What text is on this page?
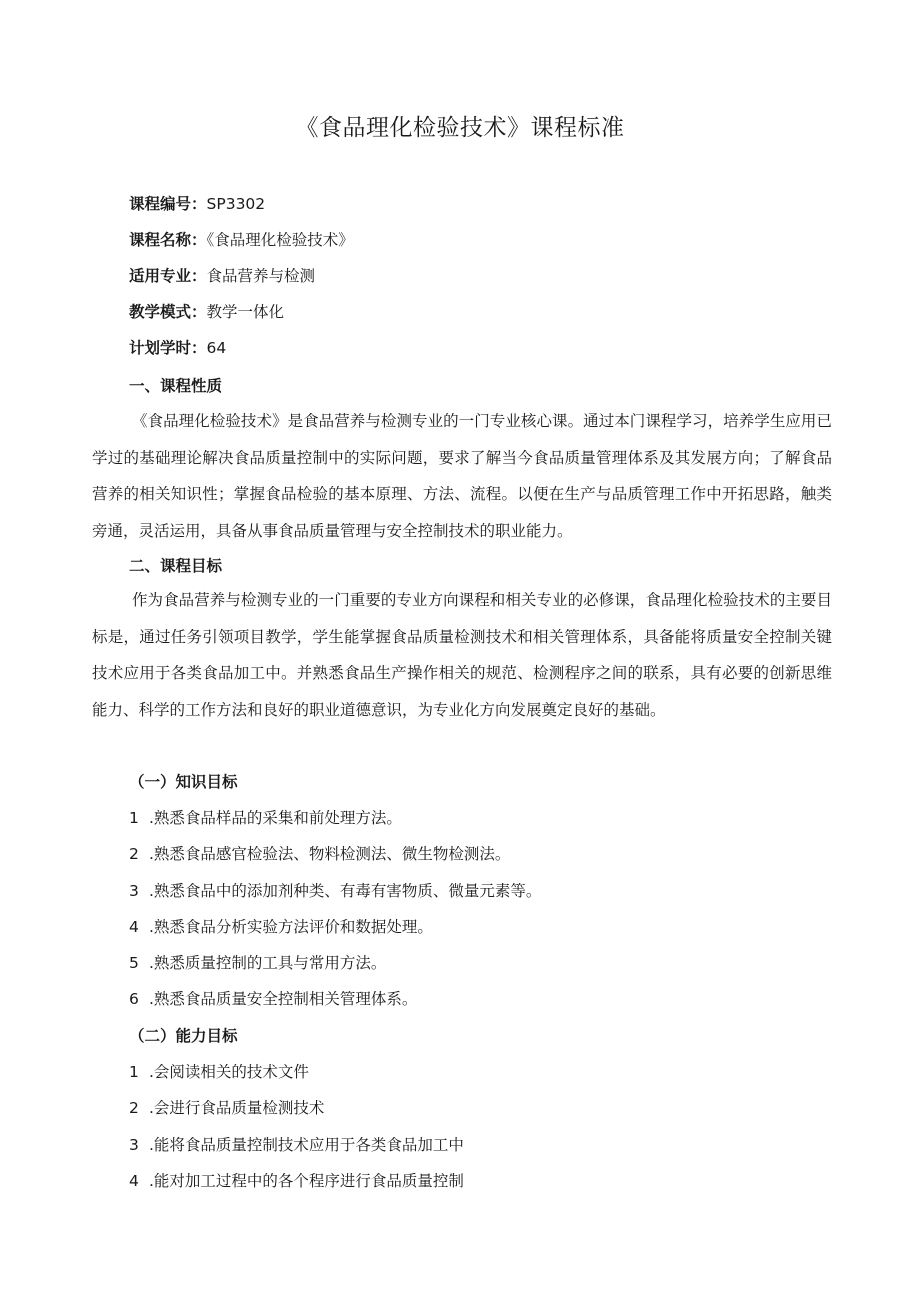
《食品理化检验技术》课程标准
课程编号：SP3302
课程名称：《食品理化检验技术》
适用专业：食品营养与检测
教学模式：教学一体化
计划学时：64
一、课程性质
《食品理化检验技术》是食品营养与检测专业的一门专业核心课。通过本门课程学习，培养学生应用已学过的基础理论解决食品质量控制中的实际问题，要求了解当今食品质量管理体系及其发展方向；了解食品营养的相关知识性；掌握食品检验的基本原理、方法、流程。以便在生产与品质管理工作中开拓思路，触类旁通，灵活运用，具备从事食品质量管理与安全控制技术的职业能力。
二、课程目标
作为食品营养与检测专业的一门重要的专业方向课程和相关专业的必修课，食品理化检验技术的主要目标是，通过任务引领项目教学，学生能掌握食品质量检测技术和相关管理体系，具备能将质量安全控制关键技术应用于各类食品加工中。并熟悉食品生产操作相关的规范、检测程序之间的联系，具有必要的创新思维能力、科学的工作方法和良好的职业道德意识，为专业化方向发展奠定良好的基础。
（一）知识目标
1 .熟悉食品样品的采集和前处理方法。
2 .熟悉食品感官检验法、物料检测法、微生物检测法。
3 .熟悉食品中的添加剂种类、有毒有害物质、微量元素等。
4 .熟悉食品分析实验方法评价和数据处理。
5 .熟悉质量控制的工具与常用方法。
6 .熟悉食品质量安全控制相关管理体系。
（二）能力目标
1 .会阅读相关的技术文件
2 .会进行食品质量检测技术
3 .能将食品质量控制技术应用于各类食品加工中
4 .能对加工过程中的各个程序进行食品质量控制
